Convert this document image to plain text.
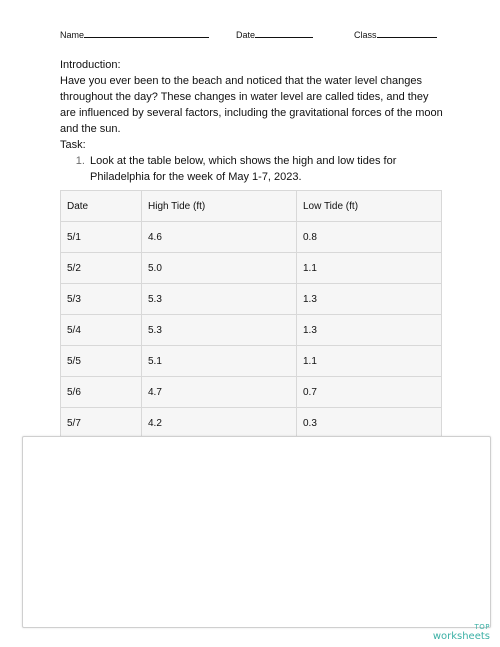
Name	Date	Class

Introduction:

Have you ever been to the beach and noticed that the water level changes throughout the day? These changes in water level are called tides, and they are influenced by several factors, including the gravitational forces of the moon and the sun.

Task:

1. Look at the table below, which shows the high and low tides for Philadelphia for the week of May 1-7, 2023.
Date	High Tide (ft)	Low Tide (ft)
5/1	4.6	0.8
5/2	5.0	1.1
5/3	5.3	1.3
5/4	5.3	1.3
5/5	5.1	1.1
5/6	4.7	0.7
5/7	4.2	0.3
TOP
worksheets
